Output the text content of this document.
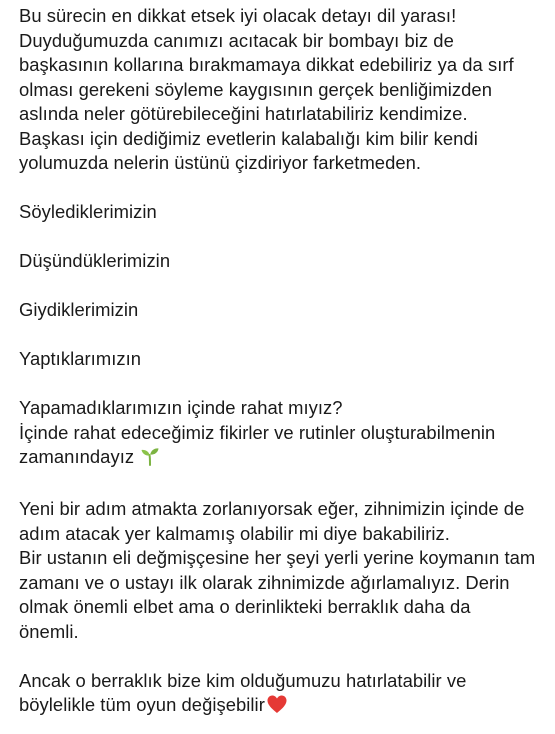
Bu sürecin en dikkat etsek iyi olacak detayı dil yarası!
Duyduğumuzda canımızı acıtacak bir bombayı biz de
başkasının kollarına bırakmamaya dikkat edebiliriz ya da sırf
olması gerekeni söyleme kaygısının gerçek benliğimizden
aslında neler götürebileceğini hatırlatabiliriz kendimize.
Başkası için dediğimiz evetlerin kalabalığı kim bilir kendi
yolumuzda nelerin üstünü çizdiriyor farketmeden.

Söylediklerimizin

Düşündüklerimizin

Giydiklerimizin

Yaptıklarımızın

Yapamadıklarımızın içinde rahat mıyız?
İçinde rahat edeceğimiz fikirler ve rutinler oluşturabilmenin
zamanındayız

Yeni bir adım atmakta zorlanıyorsak eğer, zihnimizin içinde de
adım atacak yer kalmamış olabilir mi diye bakabiliriz.
Bir ustanın eli değmişçesine her şeyi yerli yerine koymanın tam
zamanı ve o ustayı ilk olarak zihnimizde ağırlamalıyız. Derin
olmak önemli elbet ama o derinlikteki berraklık daha da
önemli.

Ancak o berraklık bize kim olduğumuzu hatırlatabilir ve
böylelikle tüm oyun değişebilir
